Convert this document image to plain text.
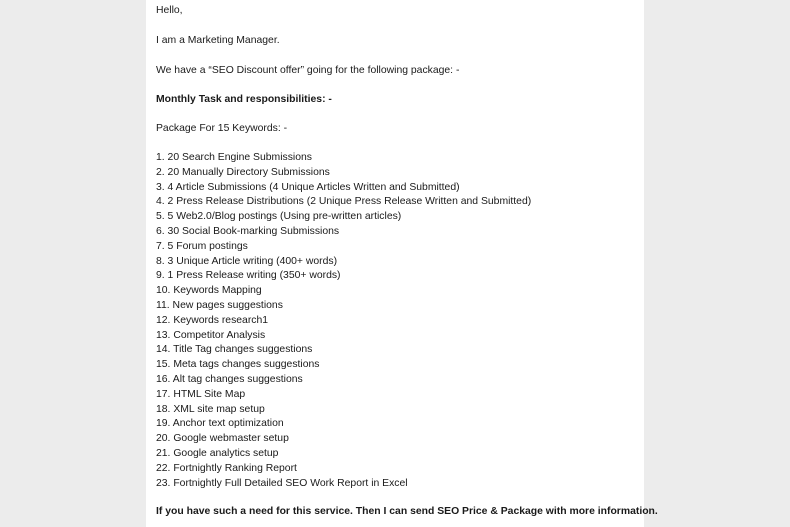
Hello,
I am a Marketing Manager.
We have a “SEO Discount offer” going for the following package: -
Monthly Task and responsibilities: -
Package For 15 Keywords: -
1. 20 Search Engine Submissions
2. 20 Manually Directory Submissions
3. 4 Article Submissions (4 Unique Articles Written and Submitted)
4. 2 Press Release Distributions (2 Unique Press Release Written and Submitted)
5. 5 Web2.0/Blog postings (Using pre-written articles)
6. 30 Social Book-marking Submissions
7. 5 Forum postings
8. 3 Unique Article writing (400+ words)
9. 1 Press Release writing (350+ words)
10. Keywords Mapping
11. New pages suggestions
12. Keywords research1
13. Competitor Analysis
14. Title Tag changes suggestions
15. Meta tags changes suggestions
16. Alt tag changes suggestions
17. HTML Site Map
18. XML site map setup
19. Anchor text optimization
20. Google webmaster setup
21. Google analytics setup
22. Fortnightly Ranking Report
23. Fortnightly Full Detailed SEO Work Report in Excel
If you have such a need for this service. Then I can send SEO Price & Package with more information.
